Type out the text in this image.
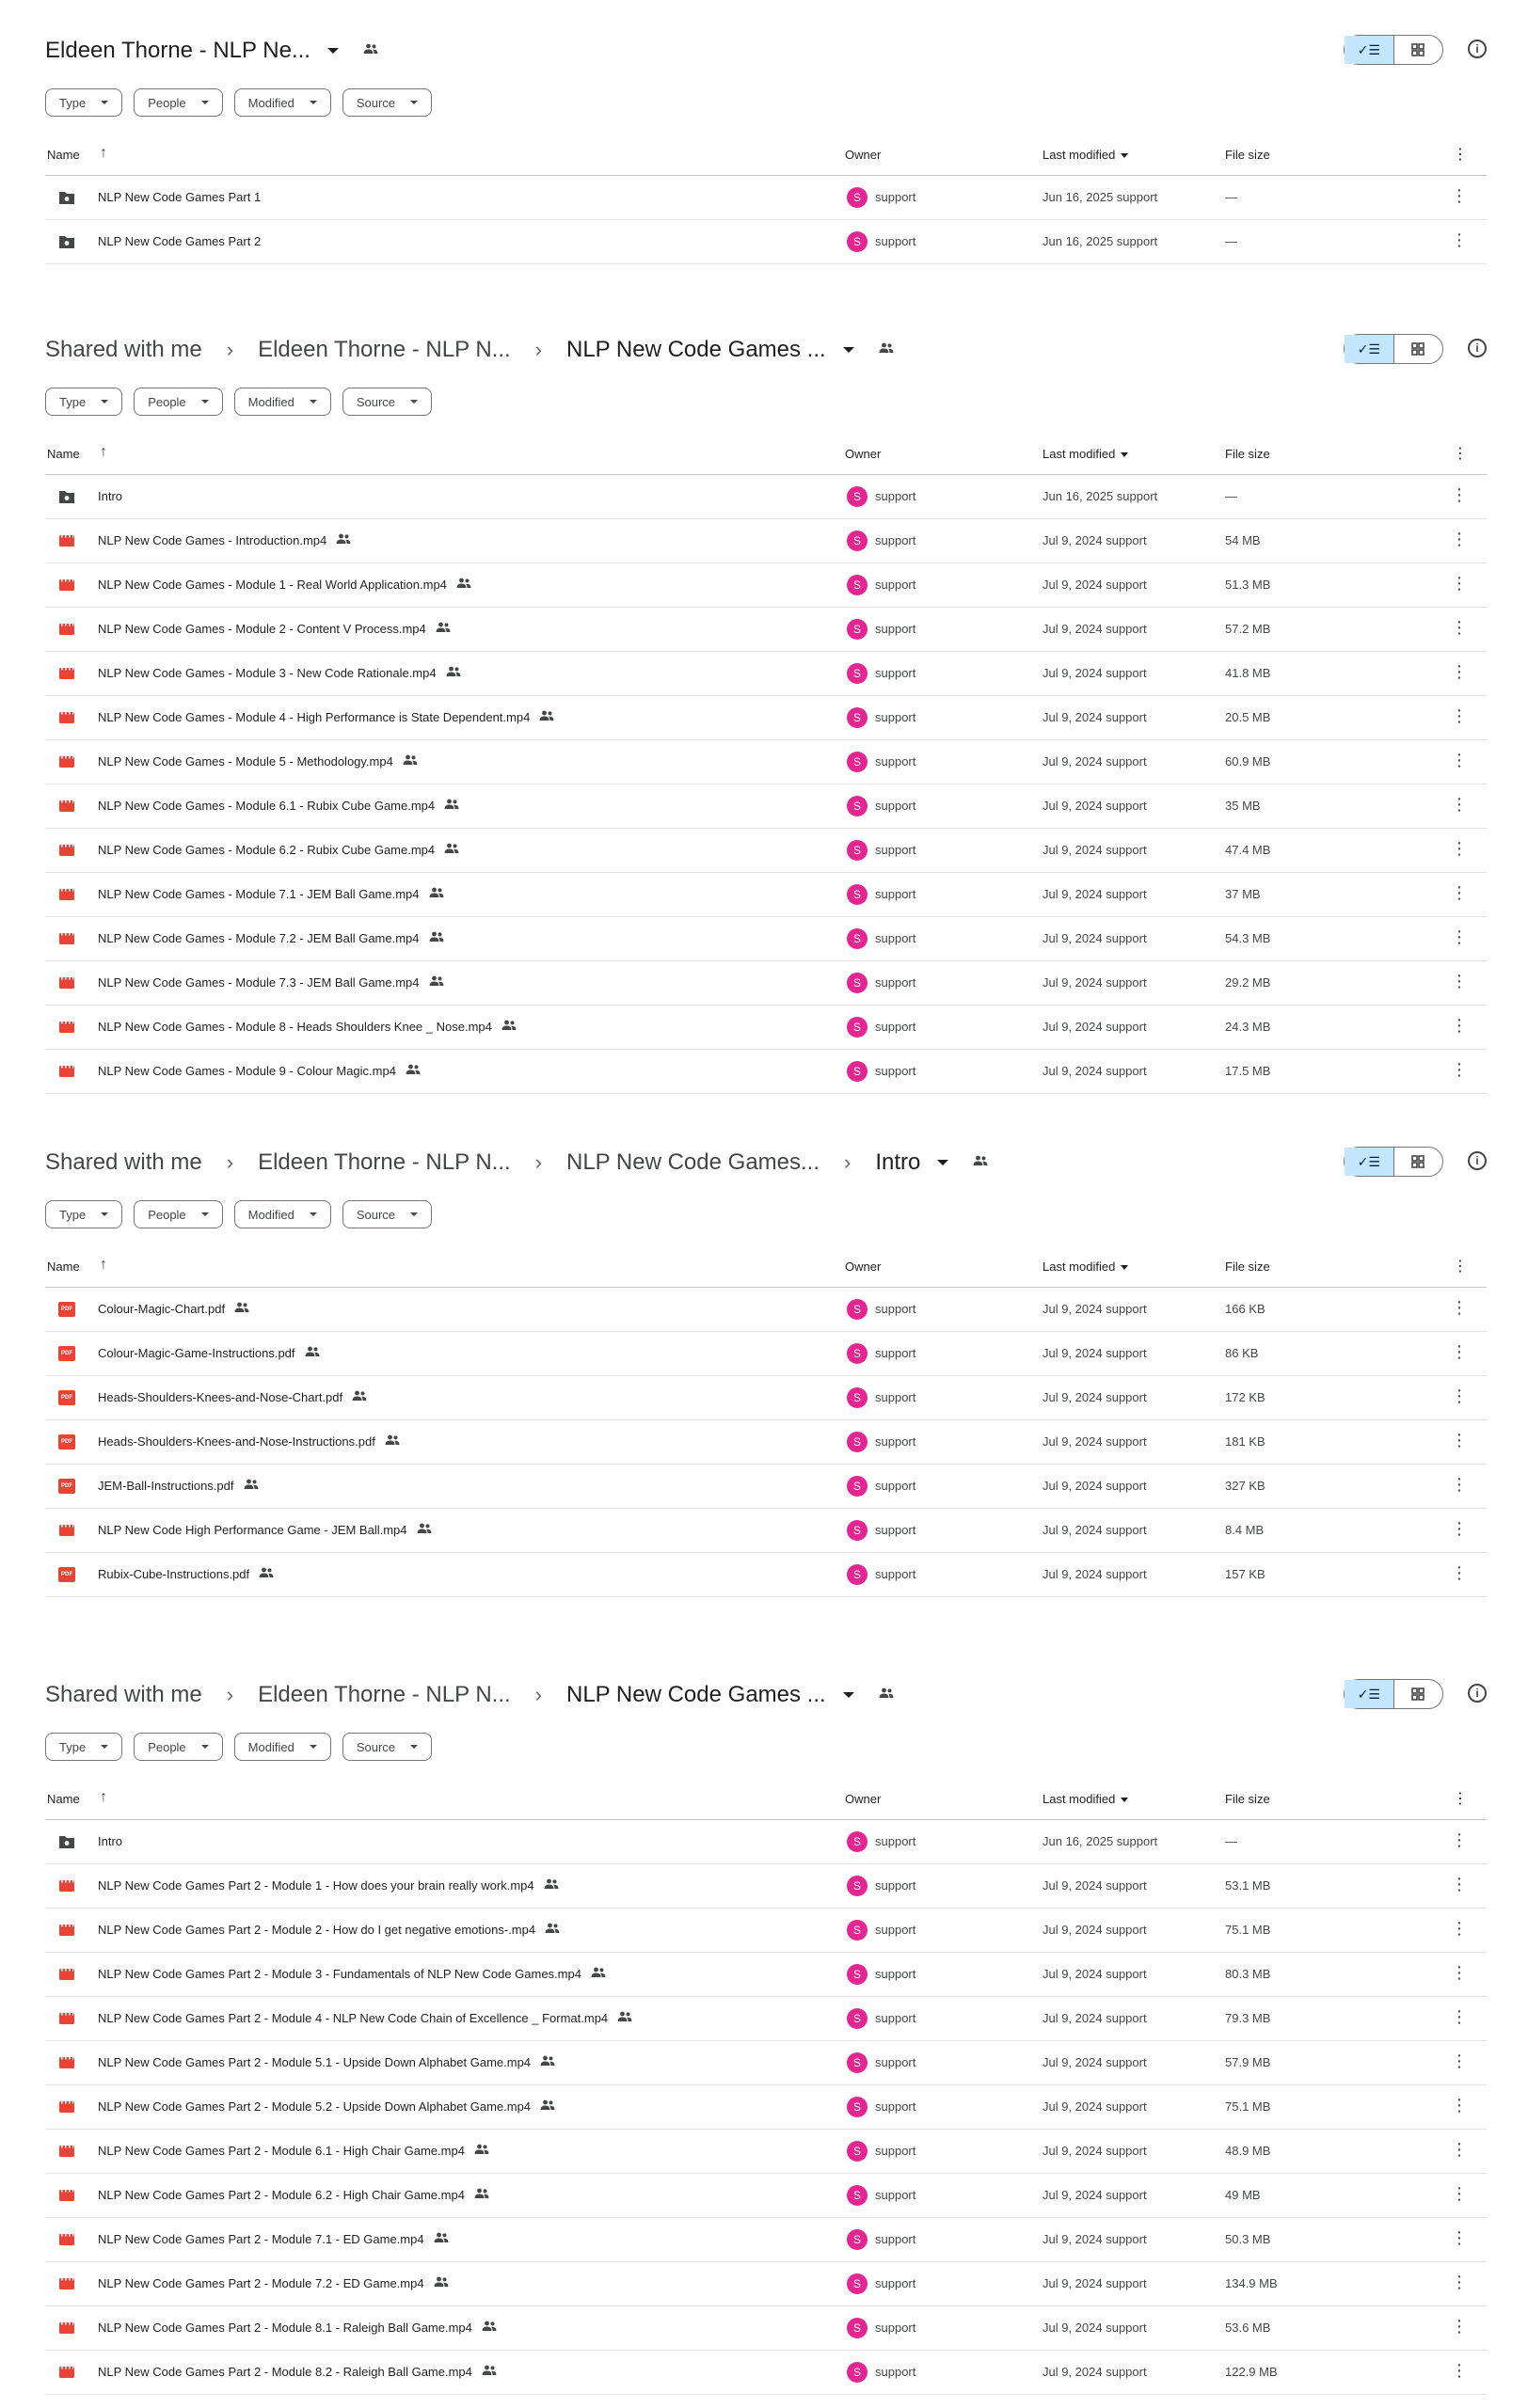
Eldeen Thorne - NLP Ne...	✓☰	i
Type	People	Modified	Source
Name ↑	Owner	Last modified	File size	⋮
NLP New Code Games Part 1	S	support	Jun 16, 2025 support	—	⋮
NLP New Code Games Part 2	S	support	Jun 16, 2025 support	—	⋮
Shared with me › Eldeen Thorne - NLP N... › NLP New Code Games ...	✓☰	i
Type	People	Modified	Source
Name ↑	Owner	Last modified	File size	⋮
Intro	S	support	Jun 16, 2025 support	—	⋮
NLP New Code Games - Introduction.mp4	S	support	Jul 9, 2024 support	54 MB	⋮
NLP New Code Games - Module 1 - Real World Application.mp4	S	support	Jul 9, 2024 support	51.3 MB	⋮
NLP New Code Games - Module 2 - Content V Process.mp4	S	support	Jul 9, 2024 support	57.2 MB	⋮
NLP New Code Games - Module 3 - New Code Rationale.mp4	S	support	Jul 9, 2024 support	41.8 MB	⋮
NLP New Code Games - Module 4 - High Performance is State Dependent.mp4	S	support	Jul 9, 2024 support	20.5 MB	⋮
NLP New Code Games - Module 5 - Methodology.mp4	S	support	Jul 9, 2024 support	60.9 MB	⋮
NLP New Code Games - Module 6.1 - Rubix Cube Game.mp4	S	support	Jul 9, 2024 support	35 MB	⋮
NLP New Code Games - Module 6.2 - Rubix Cube Game.mp4	S	support	Jul 9, 2024 support	47.4 MB	⋮
NLP New Code Games - Module 7.1 - JEM Ball Game.mp4	S	support	Jul 9, 2024 support	37 MB	⋮
NLP New Code Games - Module 7.2 - JEM Ball Game.mp4	S	support	Jul 9, 2024 support	54.3 MB	⋮
NLP New Code Games - Module 7.3 - JEM Ball Game.mp4	S	support	Jul 9, 2024 support	29.2 MB	⋮
NLP New Code Games - Module 8 - Heads Shoulders Knee _ Nose.mp4	S	support	Jul 9, 2024 support	24.3 MB	⋮
NLP New Code Games - Module 9 - Colour Magic.mp4	S	support	Jul 9, 2024 support	17.5 MB	⋮
Shared with me › Eldeen Thorne - NLP N... › NLP New Code Games... › Intro	✓☰	i
Type	People	Modified	Source
Name ↑	Owner	Last modified	File size	⋮
PDF Colour-Magic-Chart.pdf	S	support	Jul 9, 2024 support	166 KB	⋮
PDF Colour-Magic-Game-Instructions.pdf	S	support	Jul 9, 2024 support	86 KB	⋮
PDF Heads-Shoulders-Knees-and-Nose-Chart.pdf	S	support	Jul 9, 2024 support	172 KB	⋮
PDF Heads-Shoulders-Knees-and-Nose-Instructions.pdf	S	support	Jul 9, 2024 support	181 KB	⋮
PDF JEM-Ball-Instructions.pdf	S	support	Jul 9, 2024 support	327 KB	⋮
NLP New Code High Performance Game - JEM Ball.mp4	S	support	Jul 9, 2024 support	8.4 MB	⋮
PDF Rubix-Cube-Instructions.pdf	S	support	Jul 9, 2024 support	157 KB	⋮
Shared with me › Eldeen Thorne - NLP N... › NLP New Code Games ...	✓☰	i
Type	People	Modified	Source
Name ↑	Owner	Last modified	File size	⋮
Intro	S	support	Jun 16, 2025 support	—	⋮
NLP New Code Games Part 2 - Module 1 - How does your brain really work.mp4	S	support	Jul 9, 2024 support	53.1 MB	⋮
NLP New Code Games Part 2 - Module 2 - How do I get negative emotions-.mp4	S	support	Jul 9, 2024 support	75.1 MB	⋮
NLP New Code Games Part 2 - Module 3 - Fundamentals of NLP New Code Games.mp4	S	support	Jul 9, 2024 support	80.3 MB	⋮
NLP New Code Games Part 2 - Module 4 - NLP New Code Chain of Excellence _ Format.mp4	S	support	Jul 9, 2024 support	79.3 MB	⋮
NLP New Code Games Part 2 - Module 5.1 - Upside Down Alphabet Game.mp4	S	support	Jul 9, 2024 support	57.9 MB	⋮
NLP New Code Games Part 2 - Module 5.2 - Upside Down Alphabet Game.mp4	S	support	Jul 9, 2024 support	75.1 MB	⋮
NLP New Code Games Part 2 - Module 6.1 - High Chair Game.mp4	S	support	Jul 9, 2024 support	48.9 MB	⋮
NLP New Code Games Part 2 - Module 6.2 - High Chair Game.mp4	S	support	Jul 9, 2024 support	49 MB	⋮
NLP New Code Games Part 2 - Module 7.1 - ED Game.mp4	S	support	Jul 9, 2024 support	50.3 MB	⋮
NLP New Code Games Part 2 - Module 7.2 - ED Game.mp4	S	support	Jul 9, 2024 support	134.9 MB	⋮
NLP New Code Games Part 2 - Module 8.1 - Raleigh Ball Game.mp4	S	support	Jul 9, 2024 support	53.6 MB	⋮
NLP New Code Games Part 2 - Module 8.2 - Raleigh Ball Game.mp4	S	support	Jul 9, 2024 support	122.9 MB	⋮
